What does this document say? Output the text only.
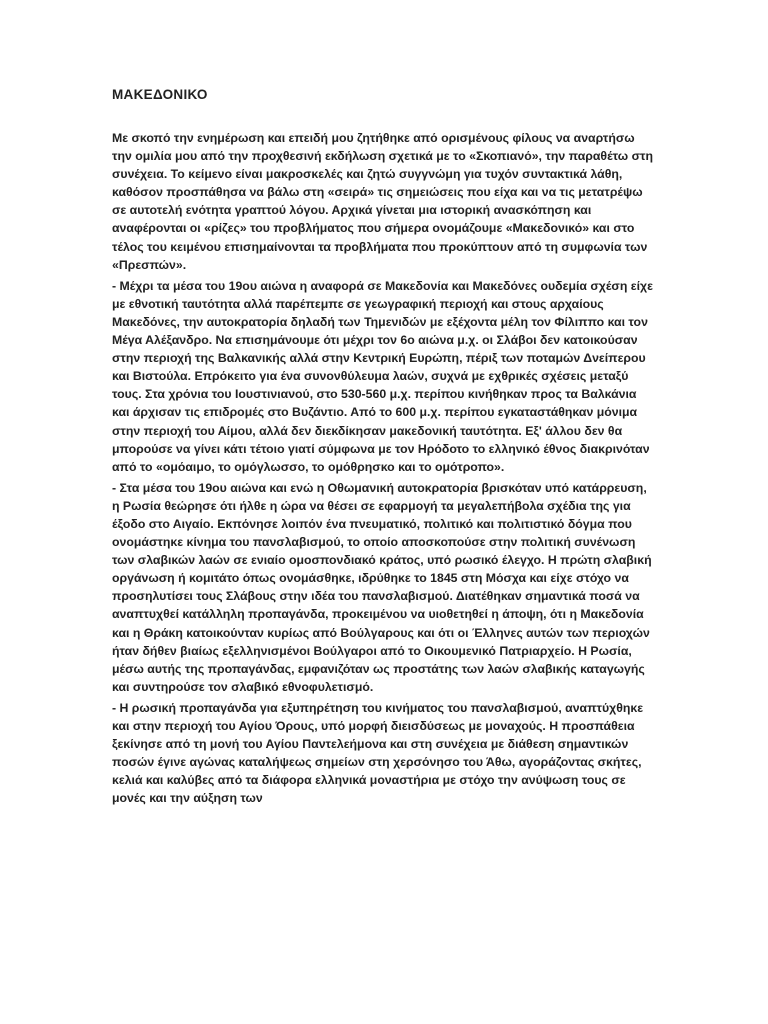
ΜΑΚΕΔΟΝΙΚΟ

Με σκοπό την ενημέρωση και επειδή μου ζητήθηκε από ορισμένους φίλους να αναρτήσω την ομιλία μου από την προχθεσινή εκδήλωση σχετικά με το «Σκοπιανό», την παραθέτω στη συνέχεια. Το κείμενο είναι μακροσκελές και ζητώ συγγνώμη για τυχόν συντακτικά λάθη, καθόσον προσπάθησα να βάλω στη «σειρά» τις σημειώσεις που είχα και να τις μετατρέψω σε αυτοτελή ενότητα γραπτού λόγου. Αρχικά γίνεται μια ιστορική ανασκόπηση και αναφέρονται οι «ρίζες» του προβλήματος που σήμερα ονομάζουμε «Μακεδονικό» και στο τέλος του κειμένου επισημαίνονται τα προβλήματα που προκύπτουν από τη συμφωνία των «Πρεσπών».

- Μέχρι τα μέσα του 19ου αιώνα η αναφορά σε Μακεδονία και Μακεδόνες ουδεμία σχέση είχε με εθνοτική ταυτότητα αλλά παρέπεμπε σε γεωγραφική περιοχή και στους αρχαίους Μακεδόνες, την αυτοκρατορία δηλαδή των Τημενιδών με εξέχοντα μέλη τον Φίλιππο και τον Μέγα Αλέξανδρο. Να επισημάνουμε ότι μέχρι τον 6ο αιώνα μ.χ. οι Σλάβοι δεν κατοικούσαν στην περιοχή της Βαλκανικής αλλά στην Κεντρική Ευρώπη, πέριξ των ποταμών Δνείπερου και Βιστούλα. Επρόκειτο για ένα συνονθύλευμα λαών, συχνά με εχθρικές σχέσεις μεταξύ τους. Στα χρόνια του Ιουστινιανού, στο 530-560 μ.χ. περίπου κινήθηκαν προς τα Βαλκάνια και άρχισαν τις επιδρομές στο Βυζάντιο. Από το 600 μ.χ. περίπου εγκαταστάθηκαν μόνιμα στην περιοχή του Αίμου, αλλά δεν διεκδίκησαν μακεδονική ταυτότητα. Εξ' άλλου δεν θα μπορούσε να γίνει κάτι τέτοιο γιατί σύμφωνα με τον Ηρόδοτο το ελληνικό έθνος διακρινόταν από το «ομόαιμο, το ομόγλωσσο, το ομόθρησκο και το ομότροπο».

- Στα μέσα του 19ου αιώνα και ενώ η Οθωμανική αυτοκρατορία βρισκόταν υπό κατάρρευση, η Ρωσία θεώρησε ότι ήλθε η ώρα να θέσει σε εφαρμογή τα μεγαλεπήβολα σχέδια της για έξοδο στο Αιγαίο. Εκπόνησε λοιπόν ένα πνευματικό, πολιτικό και πολιτιστικό δόγμα που ονομάστηκε κίνημα του πανσλαβισμού, το οποίο αποσκοπούσε στην πολιτική συνένωση των σλαβικών λαών σε ενιαίο ομοσπονδιακό κράτος, υπό ρωσικό έλεγχο. Η πρώτη σλαβική οργάνωση ή κομιτάτο όπως ονομάσθηκε, ιδρύθηκε το 1845 στη Μόσχα και είχε στόχο να προσηλυτίσει τους Σλάβους στην ιδέα του πανσλαβισμού. Διατέθηκαν σημαντικά ποσά να αναπτυχθεί κατάλληλη προπαγάνδα, προκειμένου να υιοθετηθεί η άποψη, ότι η Μακεδονία και η Θράκη κατοικούνταν κυρίως από Βούλγαρους και ότι οι Έλληνες αυτών των περιοχών ήταν δήθεν βιαίως εξελληνισμένοι Βούλγαροι από το Οικουμενικό Πατριαρχείο. Η Ρωσία, μέσω αυτής της προπαγάνδας, εμφανιζόταν ως προστάτης των λαών σλαβικής καταγωγής και συντηρούσε τον σλαβικό εθνοφυλετισμό.

- Η ρωσική προπαγάνδα για εξυπηρέτηση του κινήματος του πανσλαβισμού, αναπτύχθηκε και στην περιοχή του Αγίου Όρους, υπό μορφή διεισδύσεως με μοναχούς. Η προσπάθεια ξεκίνησε από τη μονή του Αγίου Παντελεήμονα και στη συνέχεια με διάθεση σημαντικών ποσών έγινε αγώνας καταλήψεως σημείων στη χερσόνησο του Άθω, αγοράζοντας σκήτες, κελιά και καλύβες από τα διάφορα ελληνικά μοναστήρια με στόχο την ανύψωση τους σε μονές και την αύξηση των
